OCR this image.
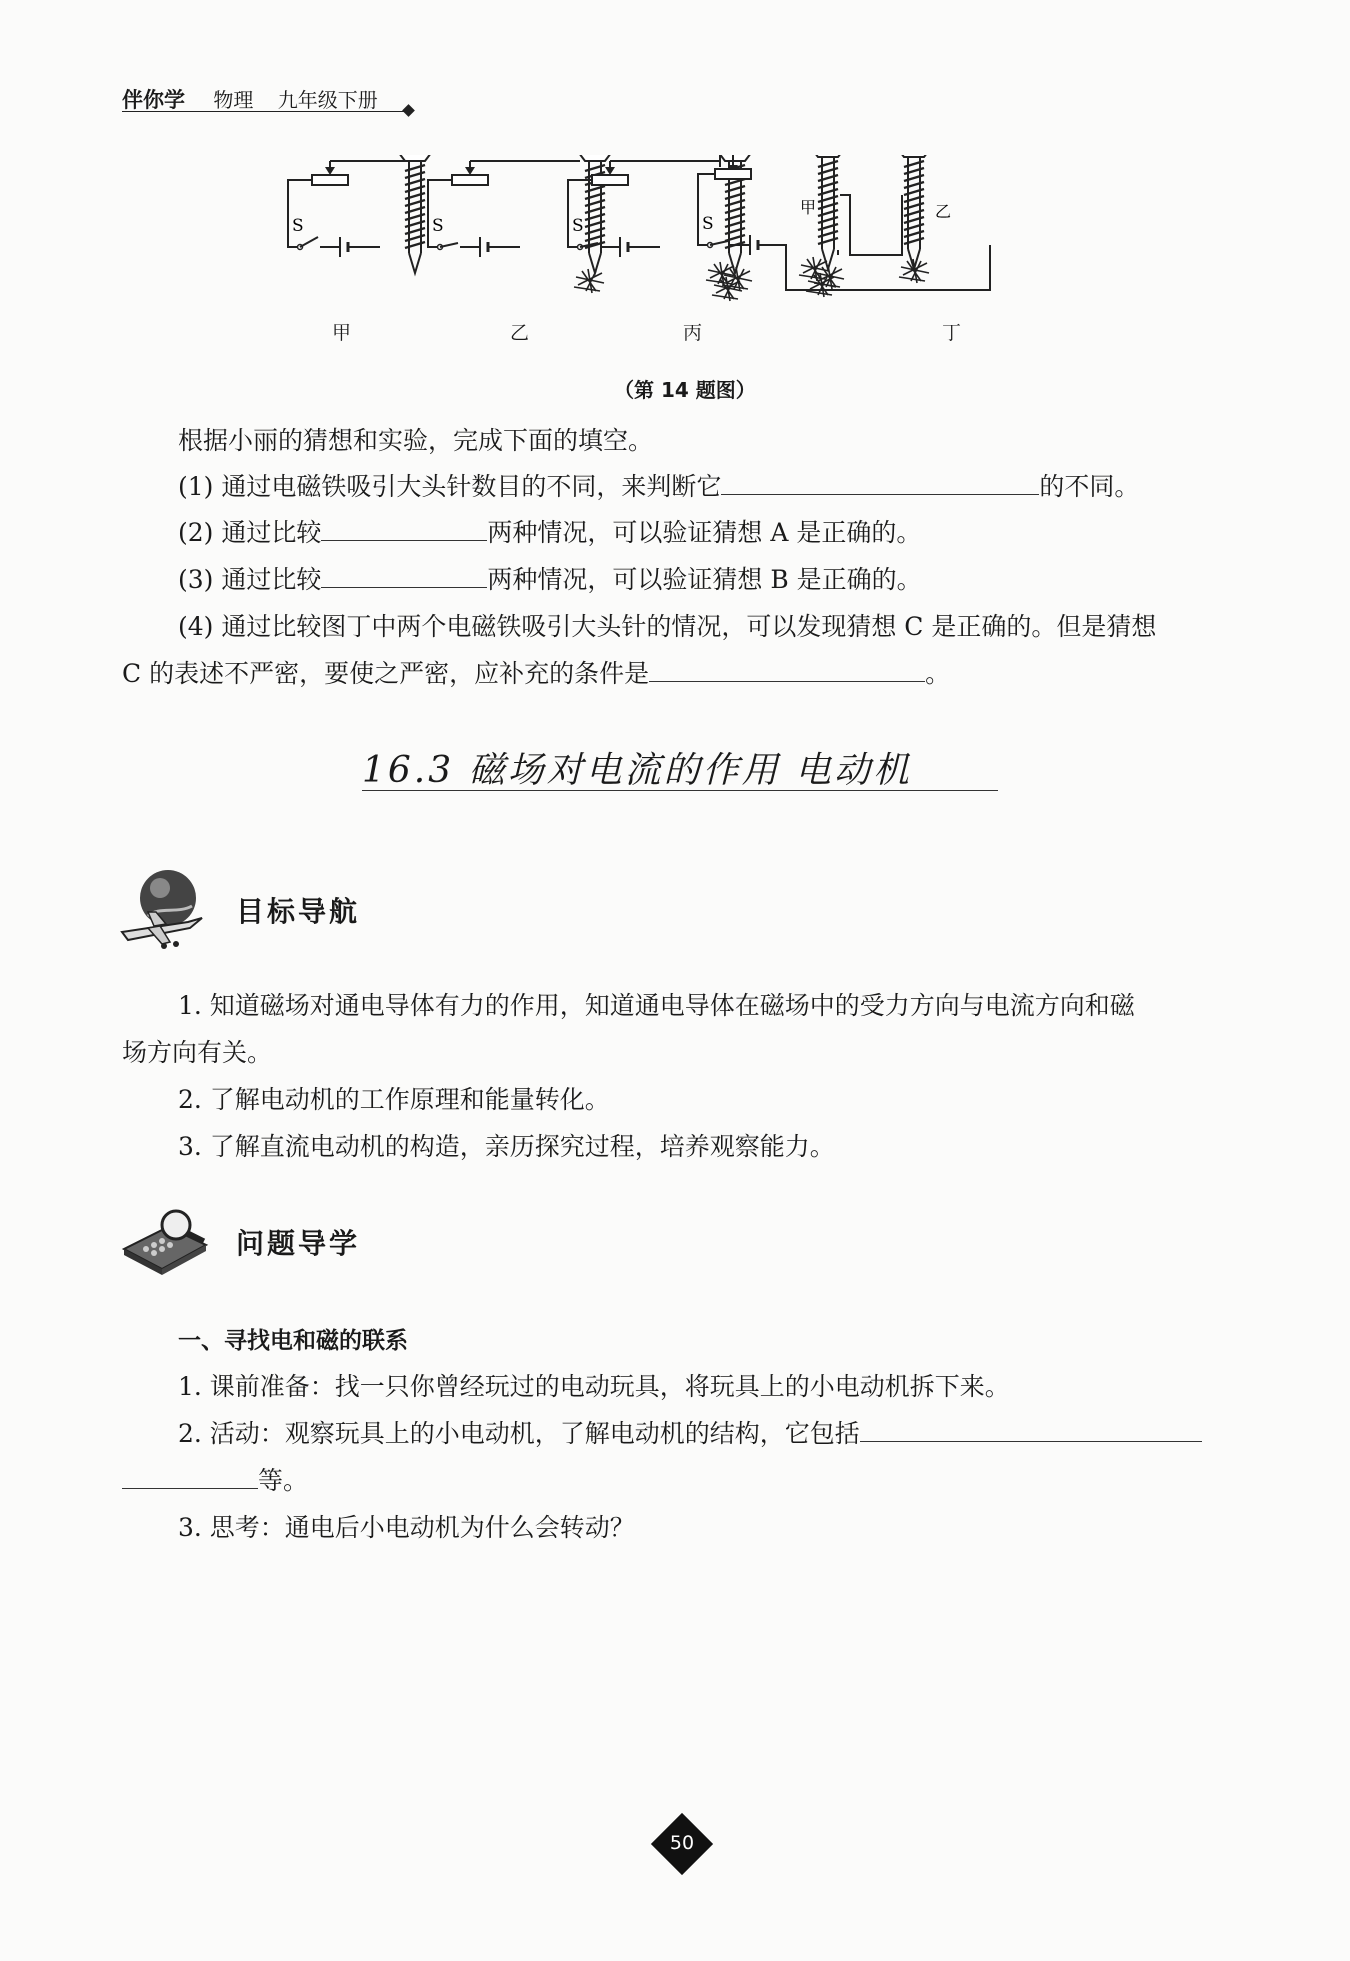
伴你学 物理 九年级下册
S	S	S	S
甲	乙
甲	乙	丙	丁
（第 14 题图）
根据小丽的猜想和实验，完成下面的填空。
(1) 通过电磁铁吸引大头针数目的不同，来判断它	的不同。
(2) 通过比较	两种情况，可以验证猜想 A 是正确的。
(3) 通过比较	两种情况，可以验证猜想 B 是正确的。
(4) 通过比较图丁中两个电磁铁吸引大头针的情况，可以发现猜想 C 是正确的。但是猜想
C 的表述不严密，要使之严密，应补充的条件是	。
16.3 磁场对电流的作用 电动机
目标导航
1. 知道磁场对通电导体有力的作用，知道通电导体在磁场中的受力方向与电流方向和磁
场方向有关。
2. 了解电动机的工作原理和能量转化。
3. 了解直流电动机的构造，亲历探究过程，培养观察能力。
问题导学
一、寻找电和磁的联系
1. 课前准备：找一只你曾经玩过的电动玩具，将玩具上的小电动机拆下来。
2. 活动：观察玩具上的小电动机，了解电动机的结构，它包括
等。
3. 思考：通电后小电动机为什么会转动？
50
